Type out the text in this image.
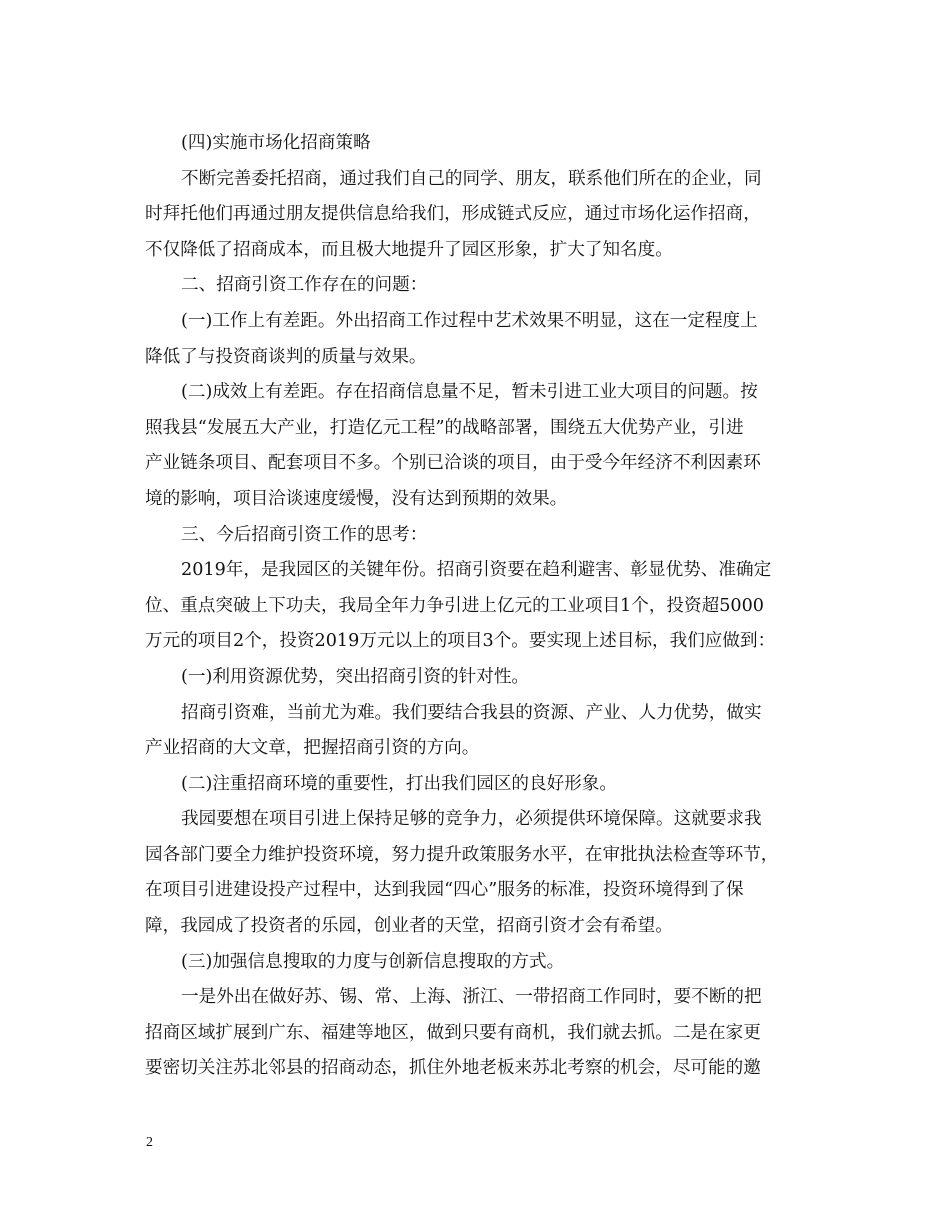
(四)实施市场化招商策略
不断完善委托招商，通过我们自己的同学、朋友，联系他们所在的企业，同
时拜托他们再通过朋友提供信息给我们，形成链式反应，通过市场化运作招商，
不仅降低了招商成本，而且极大地提升了园区形象，扩大了知名度。
二、招商引资工作存在的问题：
(一)工作上有差距。外出招商工作过程中艺术效果不明显，这在一定程度上
降低了与投资商谈判的质量与效果。
(二)成效上有差距。存在招商信息量不足，暂未引进工业大项目的问题。按
照我县“发展五大产业，打造亿元工程”的战略部署，围绕五大优势产业，引进
产业链条项目、配套项目不多。个别已洽谈的项目，由于受今年经济不利因素环
境的影响，项目洽谈速度缓慢，没有达到预期的效果。
三、今后招商引资工作的思考：
2019年，是我园区的关键年份。招商引资要在趋利避害、彰显优势、准确定
位、重点突破上下功夫，我局全年力争引进上亿元的工业项目1个，投资超5000
万元的项目2个，投资2019万元以上的项目3个。要实现上述目标，我们应做到：
(一)利用资源优势，突出招商引资的针对性。
招商引资难，当前尤为难。我们要结合我县的资源、产业、人力优势，做实
产业招商的大文章，把握招商引资的方向。
(二)注重招商环境的重要性，打出我们园区的良好形象。
我园要想在项目引进上保持足够的竞争力，必须提供环境保障。这就要求我
园各部门要全力维护投资环境，努力提升政策服务水平，在审批执法检查等环节，
在项目引进建设投产过程中，达到我园“四心”服务的标准，投资环境得到了保
障，我园成了投资者的乐园，创业者的天堂，招商引资才会有希望。
(三)加强信息搜取的力度与创新信息搜取的方式。
一是外出在做好苏、锡、常、上海、浙江、一带招商工作同时，要不断的把
招商区域扩展到广东、福建等地区，做到只要有商机，我们就去抓。二是在家更
要密切关注苏北邻县的招商动态，抓住外地老板来苏北考察的机会，尽可能的邀
2
